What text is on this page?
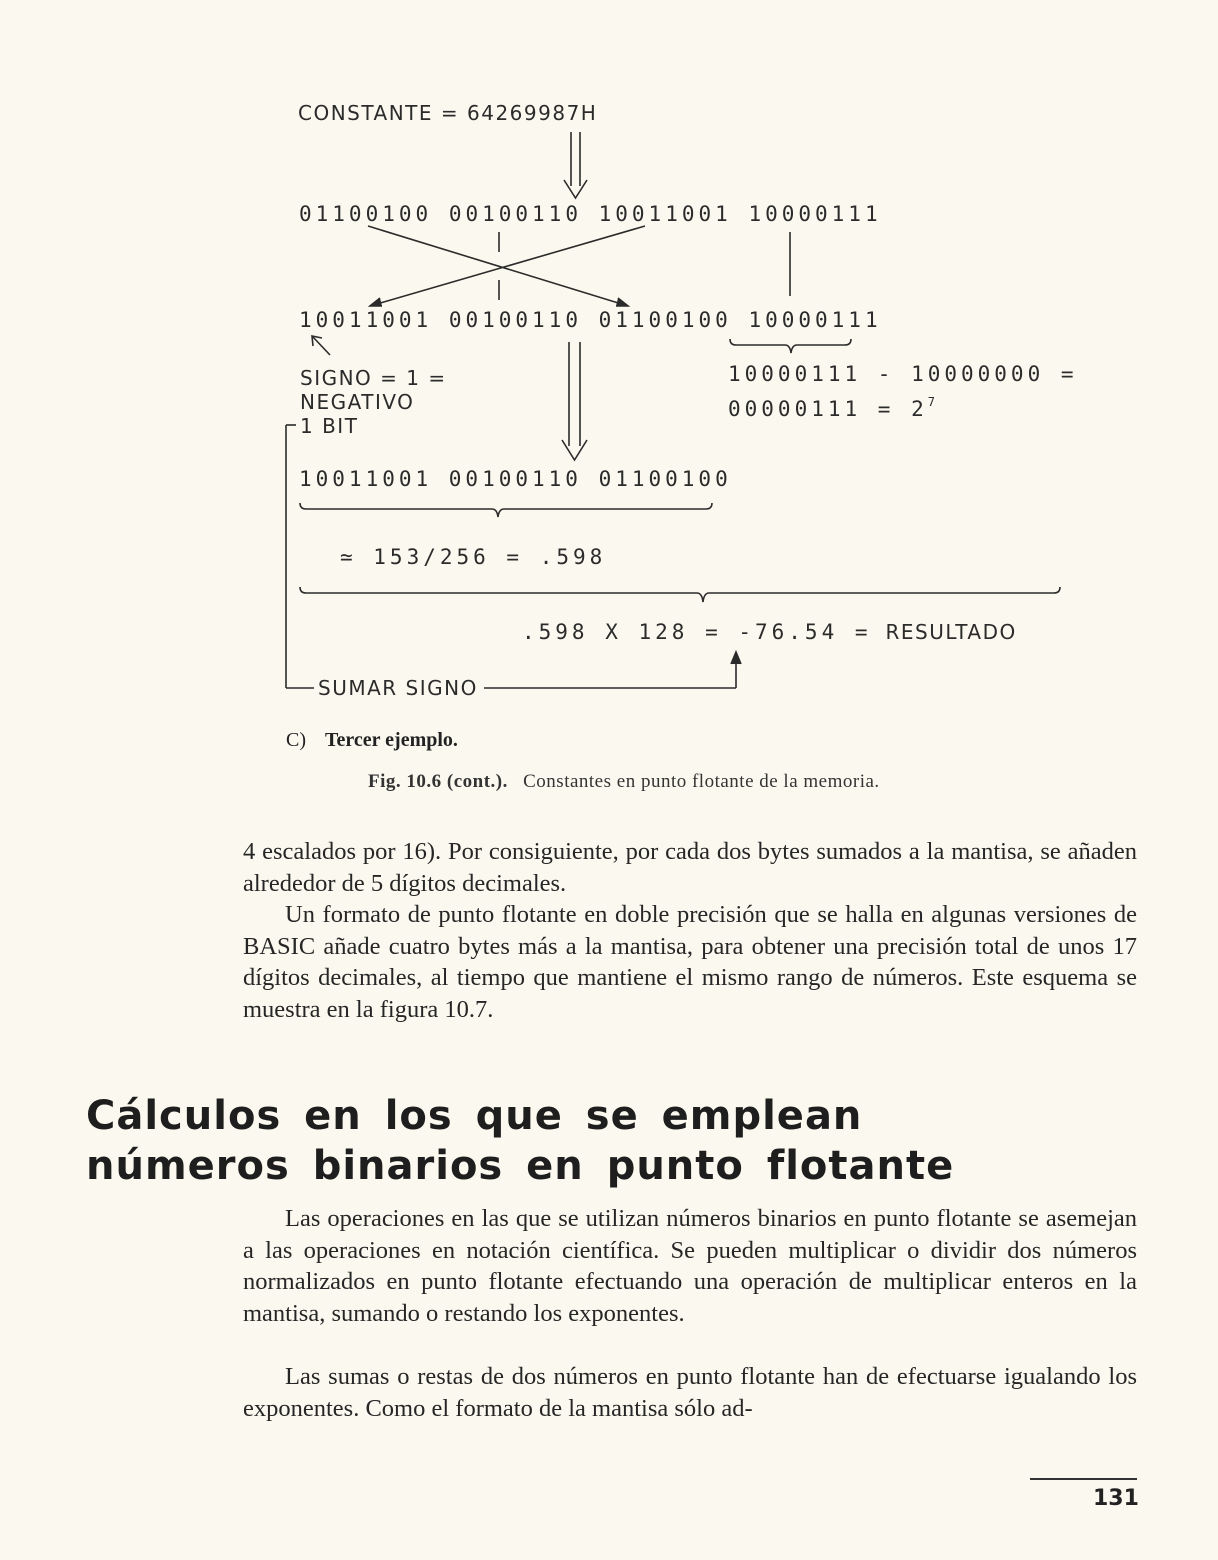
CONSTANTE = 64269987H
01100100 00100110 10011001 10000111
10011001 00100110 01100100 10000111
SIGNO = 1 =
NEGATIVO
1 BIT
10000111 - 10000000 =
$00000111 = 2^7$
10011001 00100110 01100100
≃ 153/256 = .598
.598 X 128 = -76.54 = RESULTADO
SUMAR SIGNO
C) Tercer ejemplo.
Fig. 10.6 (cont.). Constantes en punto flotante de la memoria.

4 escalados por 16). Por consiguiente, por cada dos bytes sumados a la mantisa, se añaden alrededor de 5 dígitos decimales.

Un formato de punto flotante en doble precisión que se halla en algunas versiones de BASIC añade cuatro bytes más a la mantisa, para obtener una precisión total de unos 17 dígitos decimales, al tiempo que mantiene el mismo rango de números. Este esquema se muestra en la figura 10.7.

Cálculos en los que se emplean
números binarios en punto flotante

Las operaciones en las que se utilizan números binarios en punto flotante se asemejan a las operaciones en notación científica. Se pueden multiplicar o dividir dos números normalizados en punto flotante efectuando una operación de multiplicar enteros en la mantisa, sumando o restando los exponentes.

Las sumas o restas de dos números en punto flotante han de efectuarse igualando los exponentes. Como el formato de la mantisa sólo ad-

131
